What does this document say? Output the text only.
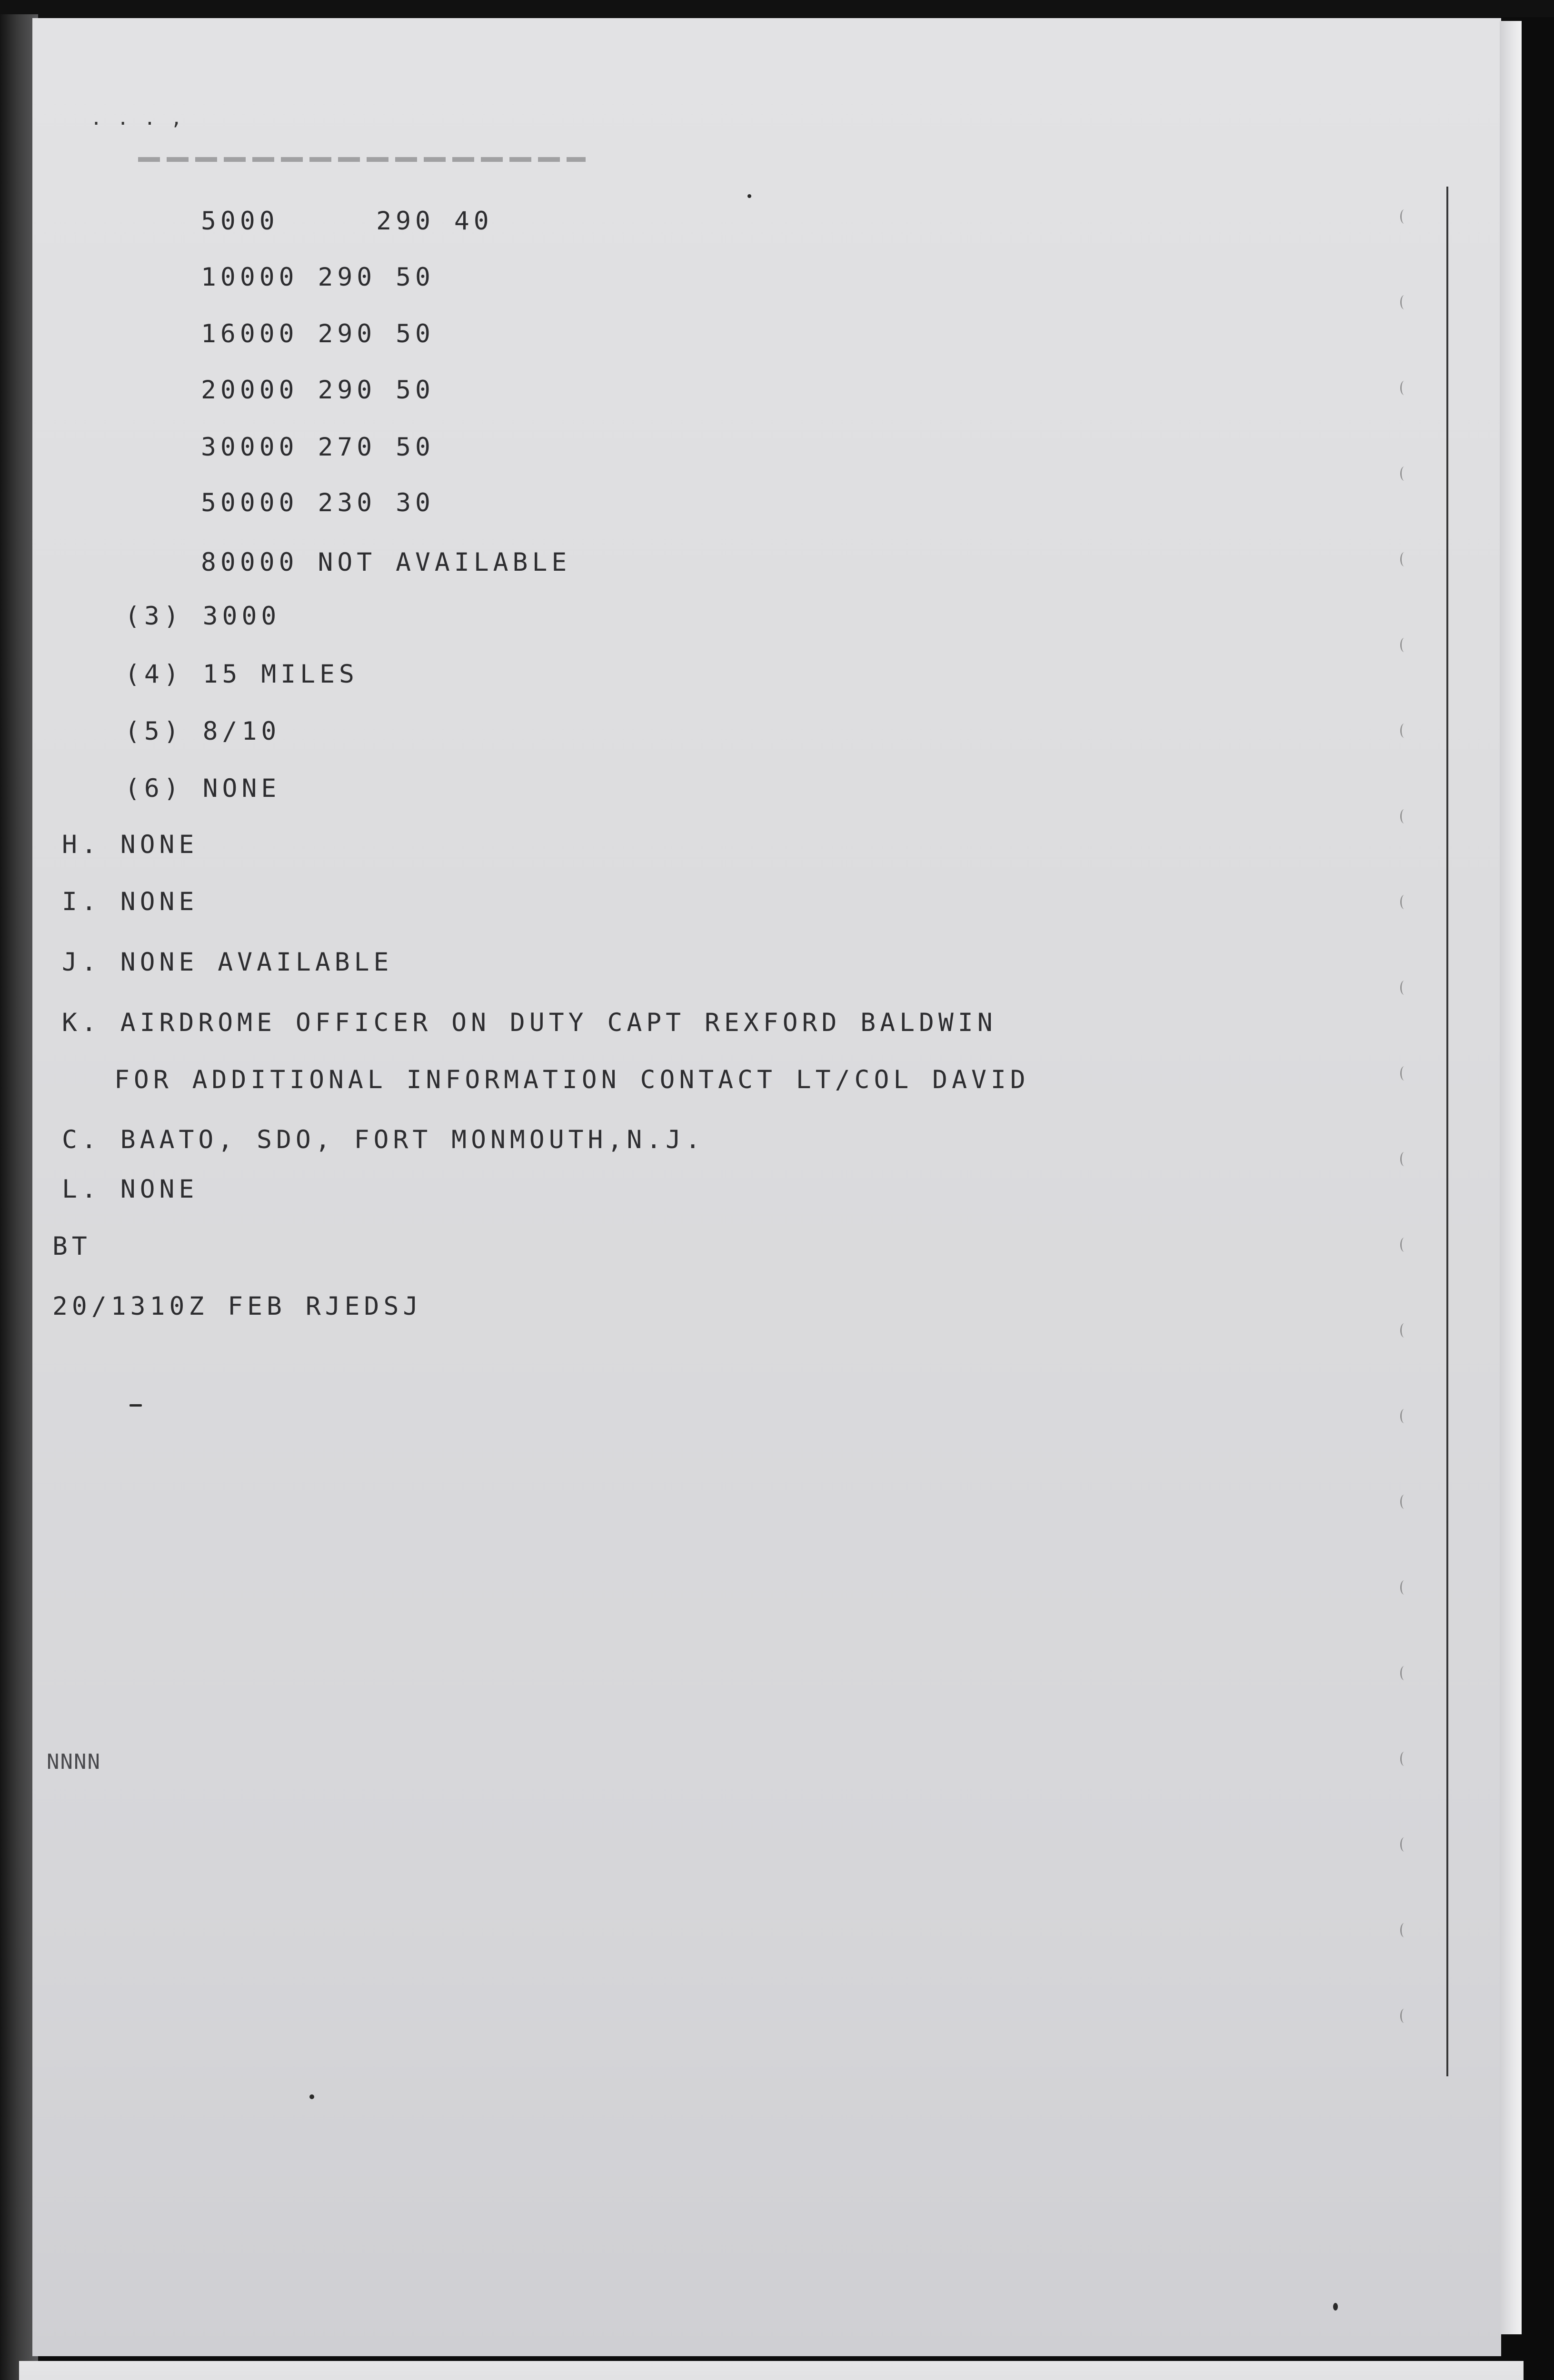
. . . ,

5000     290 40

10000 290 50

16000 290 50

20000 290 50

30000 270 50

50000 230 30

80000 NOT AVAILABLE

(3) 3000

(4) 15 MILES

(5) 8/10

(6) NONE

H. NONE

I. NONE

J. NONE AVAILABLE

K. AIRDROME OFFICER ON DUTY CAPT REXFORD BALDWIN

FOR ADDITIONAL INFORMATION CONTACT LT/COL DAVID

C. BAATO, SDO, FORT MONMOUTH,N.J.

L. NONE

BT

20/1310Z FEB RJEDSJ

NNNN
